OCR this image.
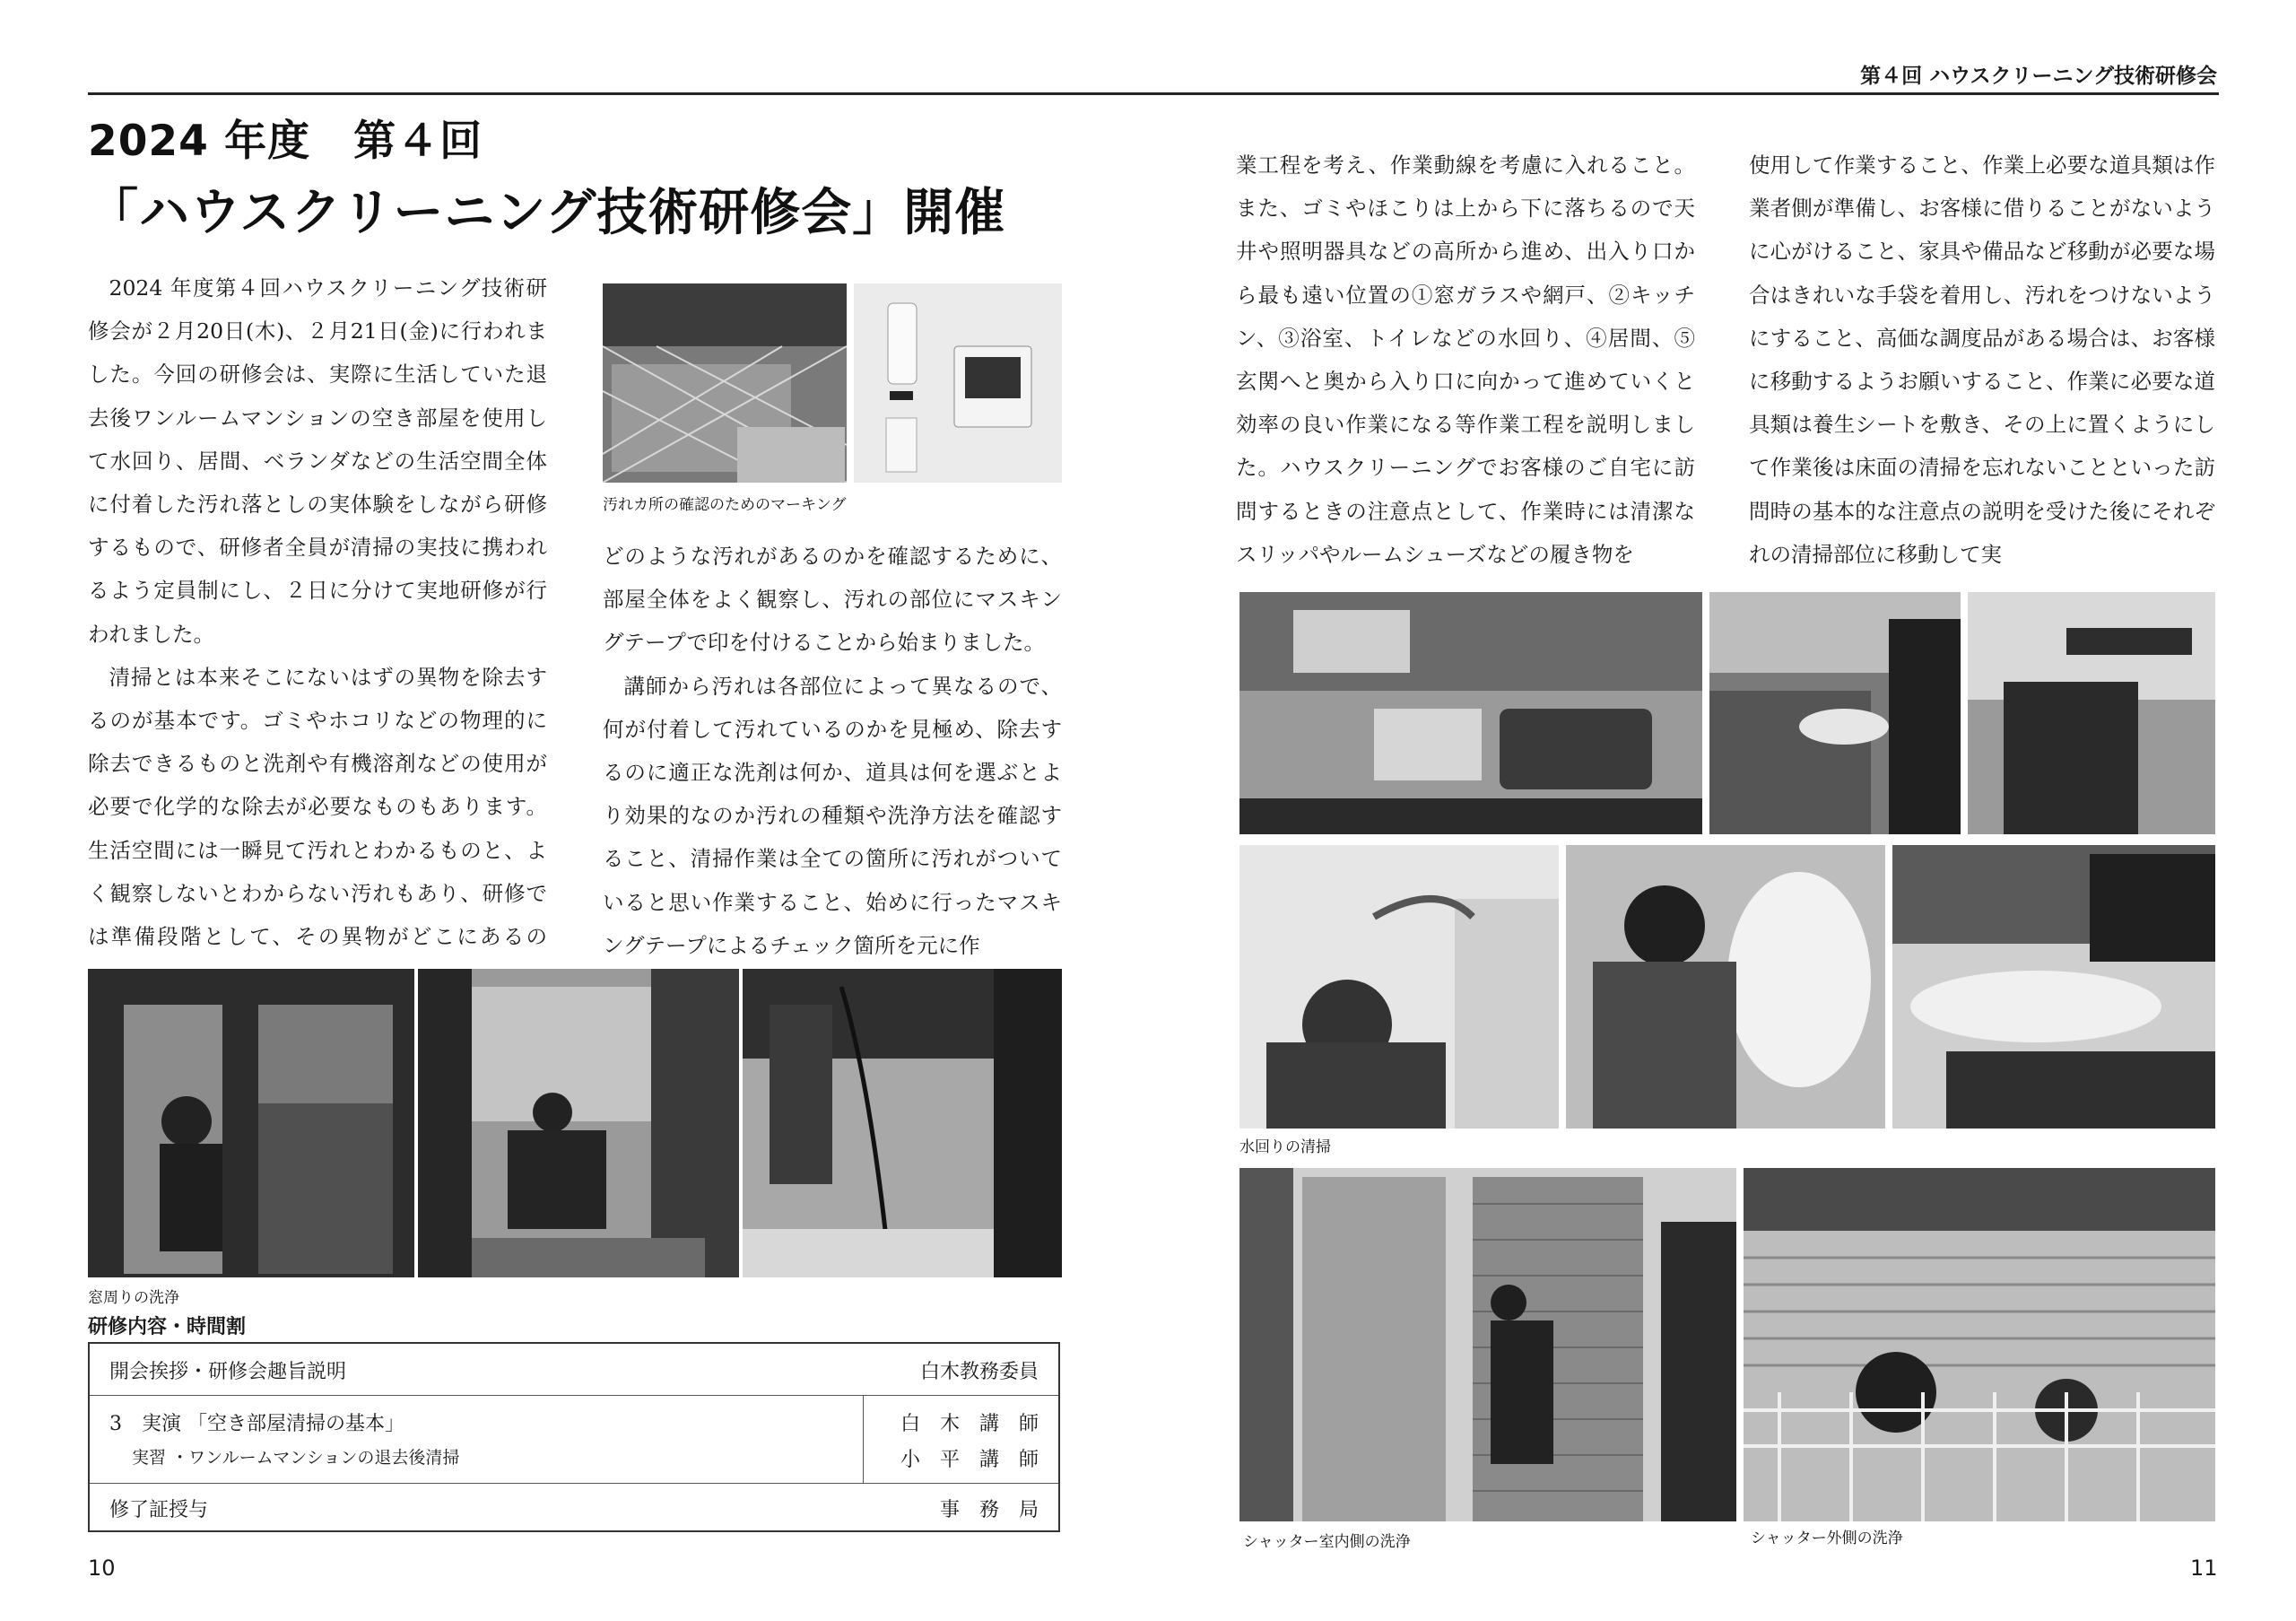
第４回 ハウスクリーニング技術研修会
2024 年度　第４回
「ハウスクリーニング技術研修会」開催

2024 年度第４回ハウスクリーニング技術研修会が２月20日(木)、２月21日(金)に行われました。今回の研修会は、実際に生活していた退去後ワンルームマンションの空き部屋を使用して水回り、居間、ベランダなどの生活空間全体に付着した汚れ落としの実体験をしながら研修するもので、研修者全員が清掃の実技に携われるよう定員制にし、２日に分けて実地研修が行われました。

清掃とは本来そこにないはずの異物を除去するのが基本です。ゴミやホコリなどの物理的に除去できるものと洗剤や有機溶剤などの使用が必要で化学的な除去が必要なものもあります。生活空間には一瞬見て汚れとわかるものと、よく観察しないとわからない汚れもあり、研修では準備段階として、その異物がどこにあるの

汚れカ所の確認のためのマーキング

どのような汚れがあるのかを確認するために、部屋全体をよく観察し、汚れの部位にマスキングテープで印を付けることから始まりました。

講師から汚れは各部位によって異なるので、何が付着して汚れているのかを見極め、除去するのに適正な洗剤は何か、道具は何を選ぶとより効果的なのか汚れの種類や洗浄方法を確認すること、清掃作業は全ての箇所に汚れがついていると思い作業すること、始めに行ったマスキングテープによるチェック箇所を元に作

窓周りの洗浄
研修内容・時間割
開会挨拶・研修会趣旨説明	白木教務委員
3　実演 「空き部屋清掃の基本」
　 実習 ・ワンルームマンションの退去後清掃
白　木　講　師
小　平　講　師
修了証授与	事　務　局
10

業工程を考え、作業動線を考慮に入れること。また、ゴミやほこりは上から下に落ちるので天井や照明器具などの高所から進め、出入り口から最も遠い位置の①窓ガラスや網戸、②キッチン、③浴室、トイレなどの水回り、④居間、⑤玄関へと奥から入り口に向かって進めていくと効率の良い作業になる等作業工程を説明しました。ハウスクリーニングでお客様のご自宅に訪問するときの注意点として、作業時には清潔なスリッパやルームシューズなどの履き物を

使用して作業すること、作業上必要な道具類は作業者側が準備し、お客様に借りることがないように心がけること、家具や備品など移動が必要な場合はきれいな手袋を着用し、汚れをつけないようにすること、高価な調度品がある場合は、お客様に移動するようお願いすること、作業に必要な道具類は養生シートを敷き、その上に置くようにして作業後は床面の清掃を忘れないことといった訪問時の基本的な注意点の説明を受けた後にそれぞれの清掃部位に移動して実

水回りの清掃
シャッター室内側の洗浄	シャッター外側の洗浄
11
